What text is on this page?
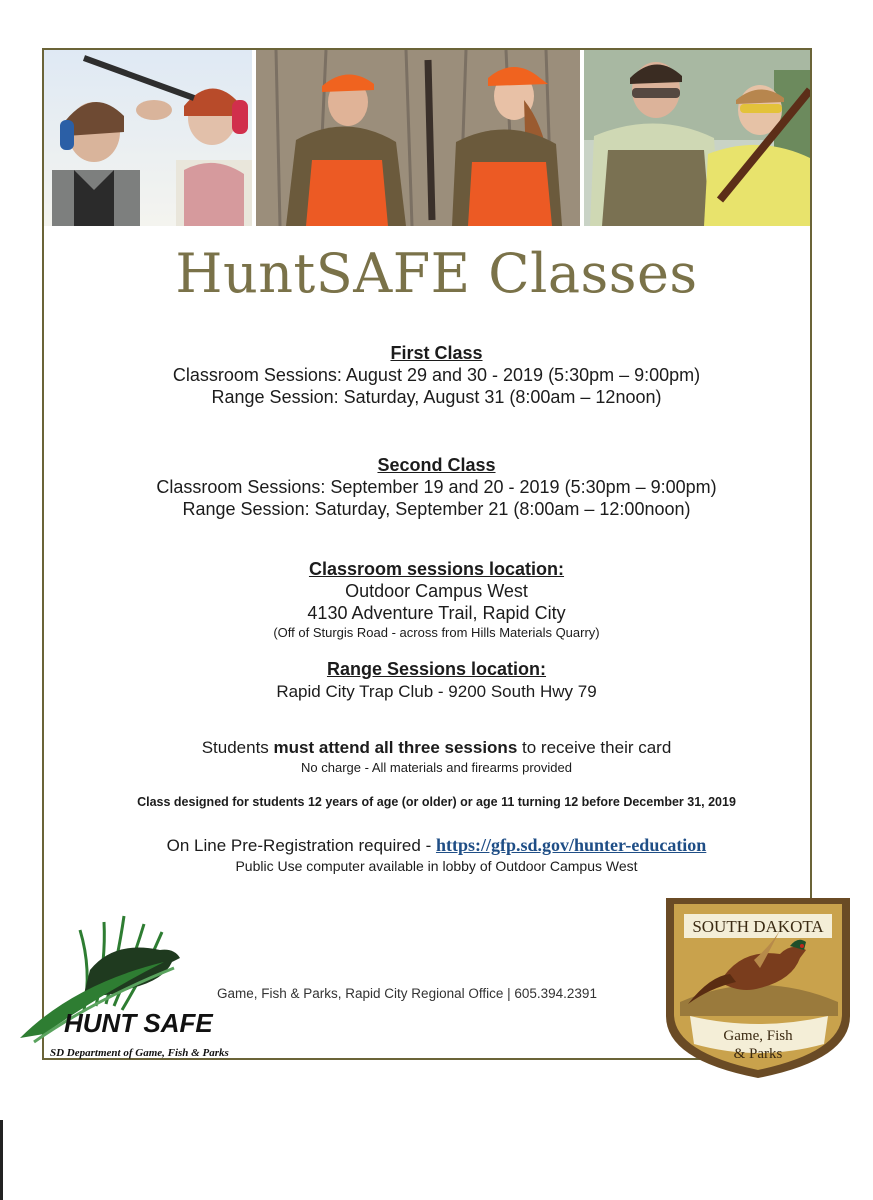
HuntSAFE Classes
First Class
Classroom Sessions: August 29 and 30 - 2019 (5:30pm – 9:00pm)
Range Session: Saturday, August 31 (8:00am – 12noon)
Second Class
Classroom Sessions: September 19 and 20 - 2019 (5:30pm – 9:00pm)
Range Session: Saturday, September 21 (8:00am – 12:00noon)
Classroom sessions location:
Outdoor Campus West
4130 Adventure Trail, Rapid City
(Off of Sturgis Road - across from Hills Materials Quarry)
Range Sessions location:
Rapid City Trap Club - 9200 South Hwy 79
Students must attend all three sessions to receive their card
No charge - All materials and firearms provided
Class designed for students 12 years of age (or older) or age 11 turning 12 before December 31, 2019
On Line Pre-Registration required - https://gfp.sd.gov/hunter-education
Public Use computer available in lobby of Outdoor Campus West
Game, Fish & Parks, Rapid City Regional Office | 605.394.2391
HUNT SAFE
SD Department of Game, Fish & Parks
SOUTH DAKOTA
Game, Fish
& Parks
